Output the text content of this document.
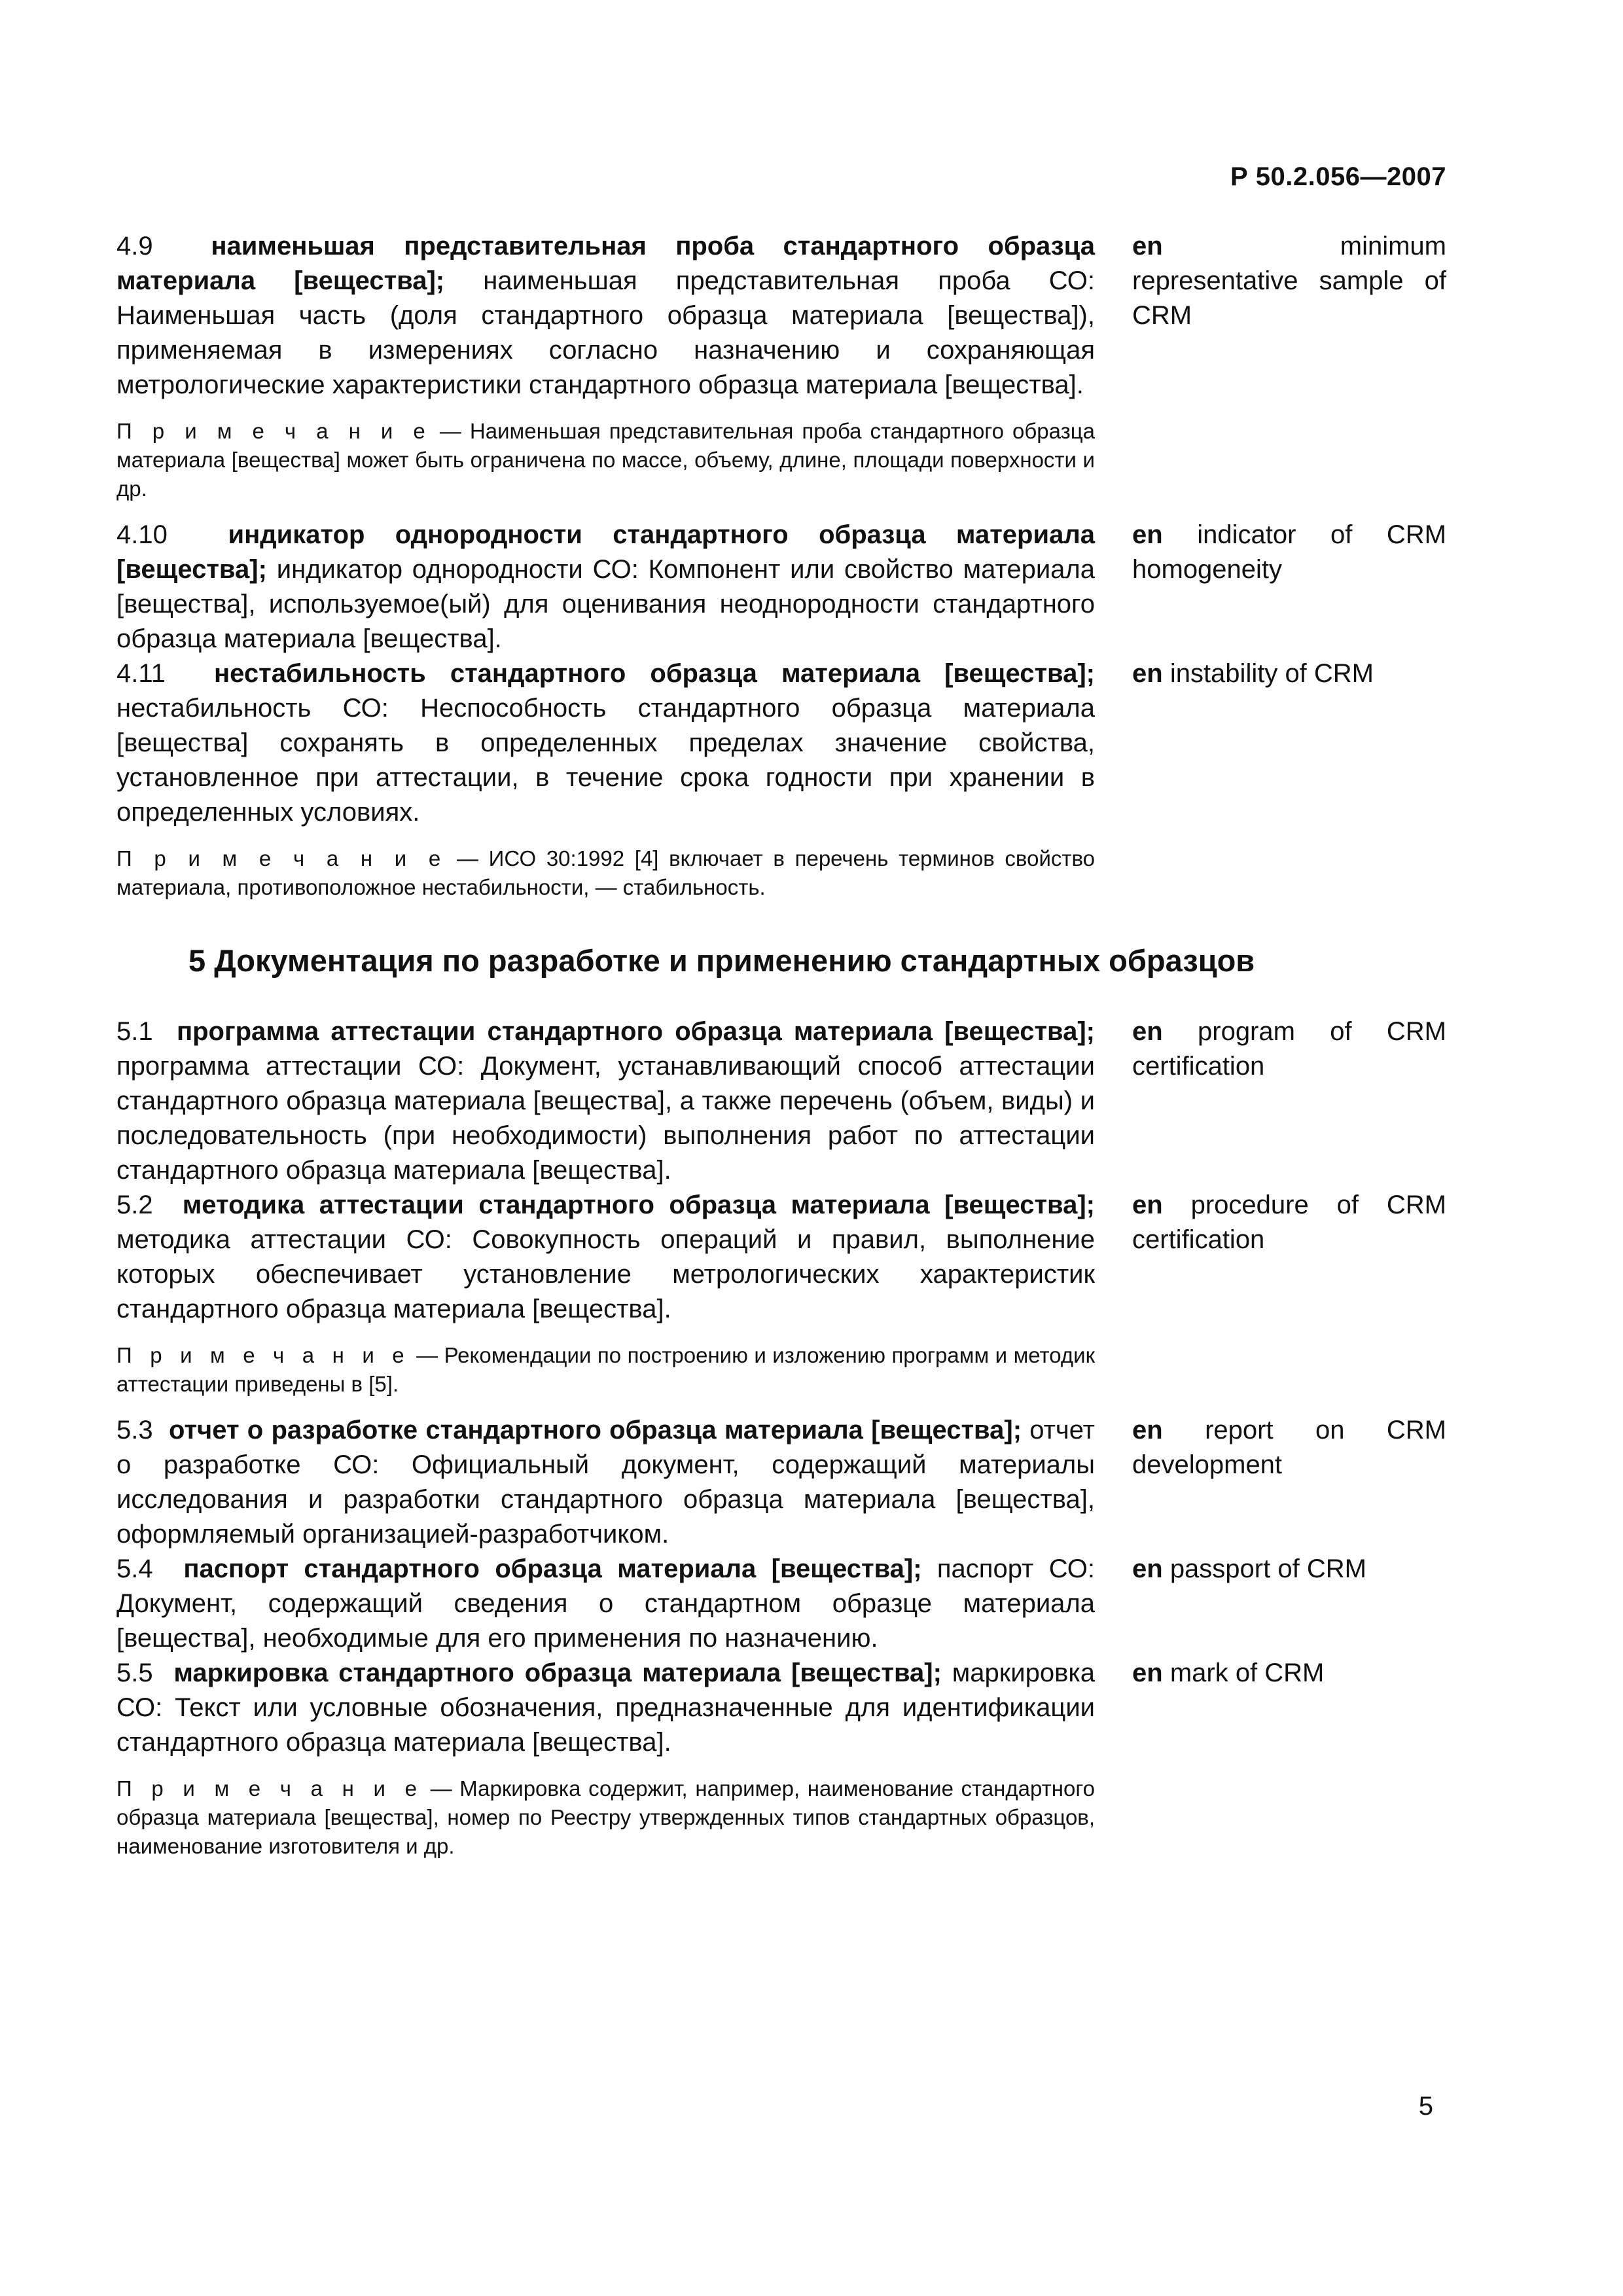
Р 50.2.056—2007
4.9 наименьшая представительная проба стандартного образца материала [вещества]; наименьшая представительная проба СО: Наименьшая часть (доля стандартного образца материала [вещества]), применяемая в измерениях согласно назначению и сохраняющая метрологические характеристики стандартного образца материала [вещества].
en	minimum representative sample of CRM
П р и м е ч а н и е — Наименьшая представительная проба стандартного образца материала [вещества] может быть ограничена по массе, объему, длине, площади поверхности и др.
4.10 индикатор однородности стандартного образца материала [вещества]; индикатор однородности СО: Компонент или свойство материала [вещества], используемое(ый) для оценивания неоднородности стандартного образца материала [вещества].
en indicator of CRM homogeneity
4.11 нестабильность стандартного образца материала [вещества]; нестабильность СО: Неспособность стандартного образца материала [вещества] сохранять в определенных пределах значение свойства, установленное при аттестации, в течение срока годности при хранении в определенных условиях.
en instability of CRM
П р и м е ч а н и е — ИСО 30:1992 [4] включает в перечень терминов свойство материала, противоположное нестабильности, — стабильность.
5 Документация по разработке и применению стандартных образцов
5.1 программа аттестации стандартного образца материала [вещества]; программа аттестации СО: Документ, устанавливающий способ аттестации стандартного образца материала [вещества], а также перечень (объем, виды) и последовательность (при необходимости) выполнения работ по аттестации стандартного образца материала [вещества].
en program of CRM certification
5.2 методика аттестации стандартного образца материала [вещества]; методика аттестации СО: Совокупность операций и правил, выполнение которых обеспечивает установление метрологических характеристик стандартного образца материала [вещества].
en procedure of CRM certification
П р и м е ч а н и е — Рекомендации по построению и изложению программ и методик аттестации приведены в [5].
5.3 отчет о разработке стандартного образца материала [вещества]; отчет о разработке СО: Официальный документ, содержащий материалы исследования и разработки стандартного образца материала [вещества], оформляемый организацией-разработчиком.
en report on CRM development
5.4 паспорт стандартного образца материала [вещества]; паспорт СО: Документ, содержащий сведения о стандартном образце материала [вещества], необходимые для его применения по назначению.
en passport of CRM
5.5 маркировка стандартного образца материала [вещества]; маркировка СО: Текст или условные обозначения, предназначенные для идентификации стандартного образца материала [вещества].
en mark of CRM
П р и м е ч а н и е — Маркировка содержит, например, наименование стандартного образца материала [вещества], номер по Реестру утвержденных типов стандартных образцов, наименование изготовителя и др.
5
